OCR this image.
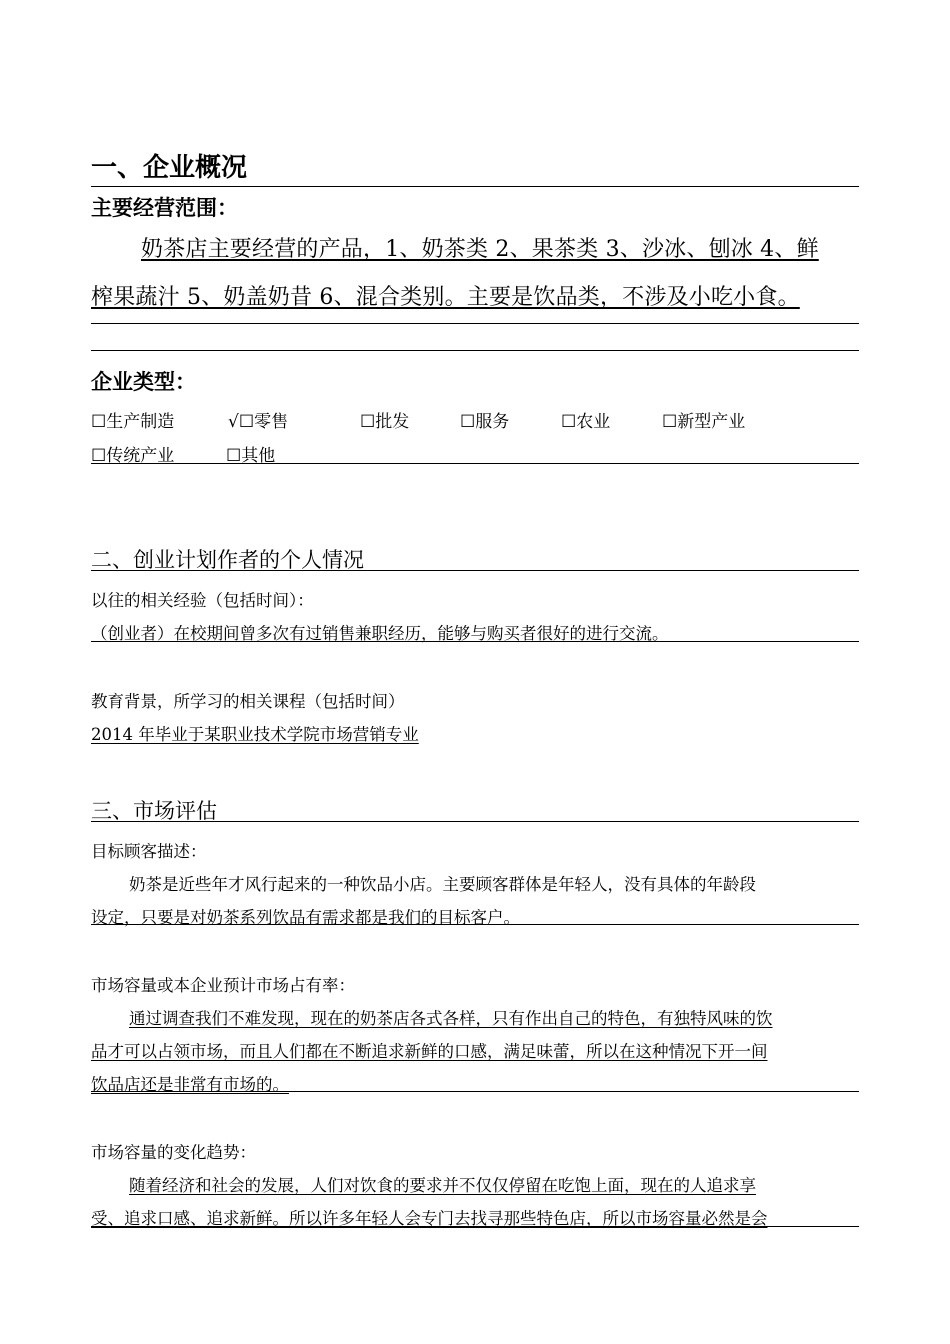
一、企业概况
主要经营范围：
奶茶店主要经营的产品，1、奶茶类 2、果茶类 3、沙冰、刨冰 4、鲜
榨果蔬汁 5、奶盖奶昔 6、混合类别。主要是饮品类，不涉及小吃小食。
企业类型：
☐生产制造	√☐零售	☐批发	☐服务	☐农业	☐新型产业
☐传统产业	☐其他
二、创业计划作者的个人情况
以往的相关经验（包括时间）：
（创业者）在校期间曾多次有过销售兼职经历，能够与购买者很好的进行交流。
教育背景，所学习的相关课程（包括时间）
2014 年毕业于某职业技术学院市场营销专业
三、市场评估
目标顾客描述：
奶茶是近些年才风行起来的一种饮品小店。主要顾客群体是年轻人，没有具体的年龄段
设定，只要是对奶茶系列饮品有需求都是我们的目标客户。
市场容量或本企业预计市场占有率：
通过调查我们不难发现，现在的奶茶店各式各样，只有作出自己的特色，有独特风味的饮
品才可以占领市场，而且人们都在不断追求新鲜的口感，满足味蕾，所以在这种情况下开一间
饮品店还是非常有市场的。
市场容量的变化趋势：
随着经济和社会的发展，人们对饮食的要求并不仅仅停留在吃饱上面，现在的人追求享
受、追求口感、追求新鲜。所以许多年轻人会专门去找寻那些特色店，所以市场容量必然是会
